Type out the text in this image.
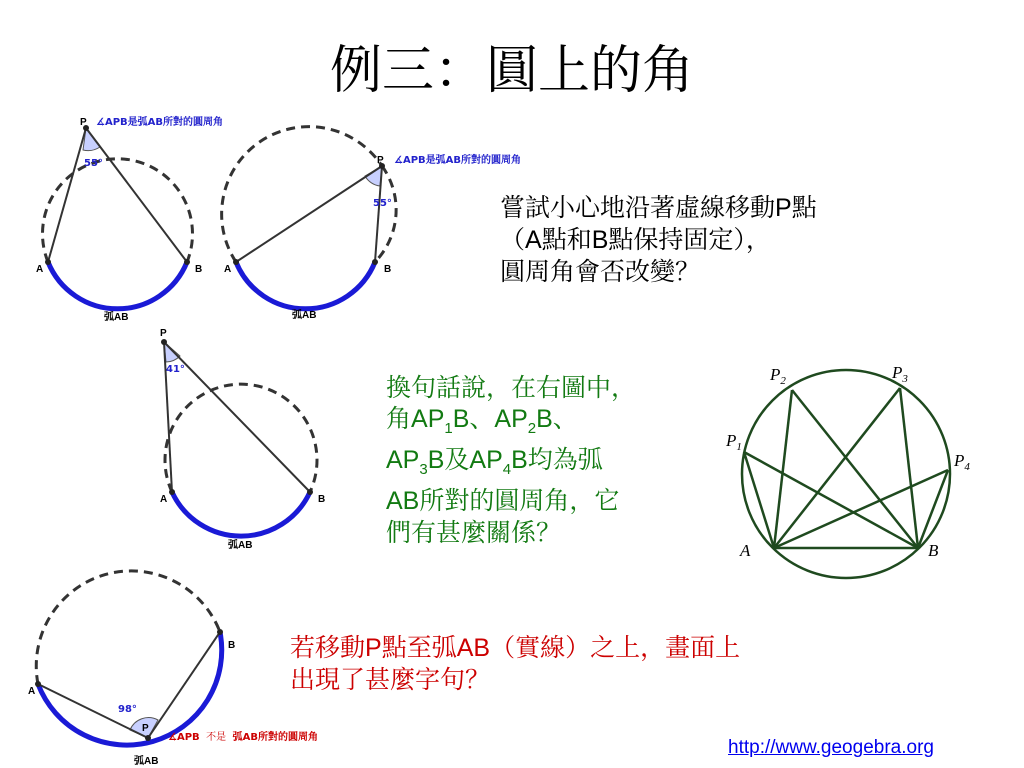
例三：圓上的角
P
A	B
55°
弧AB
∡APB是弧AB所對的圓周角
P
A	B
55°
弧AB
∡APB是弧AB所對的圓周角
P
A	B
41°
弧AB
P
A
B
98°
弧AB
∡APB 不是 弧AB所對的圓周角
$P_2$	$P_3$
$P_1$
$P_4$
A	B
嘗試小心地沿著虛線移動P點
（A點和B點保持固定），
圓周角會否改變？
換句話說，在右圖中，
角$AP_1B$、$AP_2B$、
$AP_3B$及$AP_4B$均為弧
AB所對的圓周角，它
們有甚麼關係？
若移動P點至弧AB（實線）之上，畫面上
出現了甚麼字句？
http://www.geogebra.org
